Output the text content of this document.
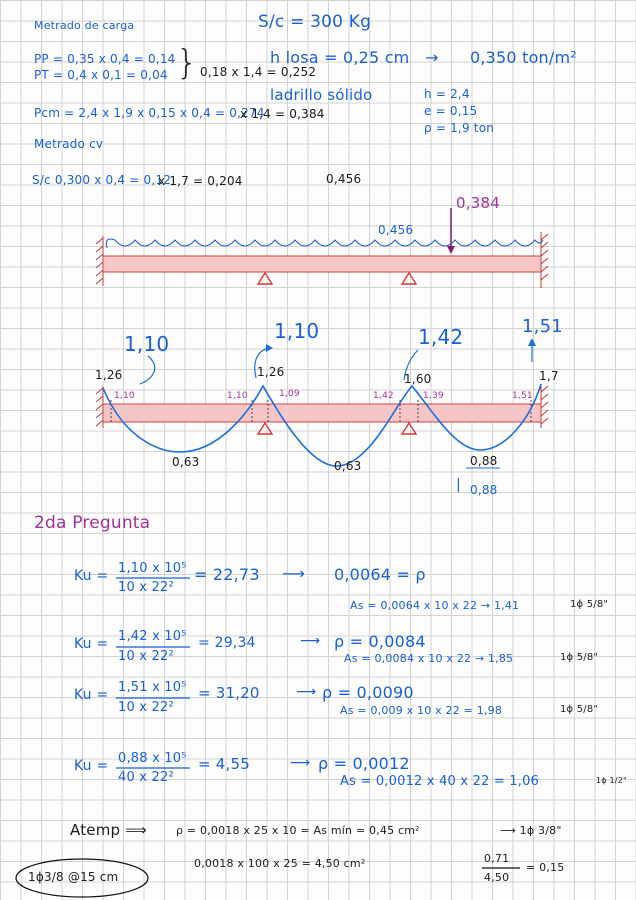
Metrado de carga	S/c = 300 Kg
PP = 0,35 x 0,4 = 0,14
PT = 0,4 x 0,1 = 0,04 } 0,18 x 1,4 = 0,252
h losa = 0,25 cm → 0,350 ton/m²
ladrillo sólido	h = 2,4
e = 0,15
ρ = 1,9 ton
Pcm = 2,4 x 1,9 x 0,15 x 0,4 = 0,274
x 1,4 = 0,384
Metrado cv
S/c 0,300 x 0,4 = 0,12
x 1,7 = 0,204	0,456
0,456
0,384
1,10
1,10	1,42	1,51
1,26	1,26	1,60	1,7
1,10	1,10	1,09	1,42	1,39	1,51
0,63	0,63	0,88
0,88
|
2da Pregunta
Ku = 1,10 x 10⁵
10 x 22²
= 22,73 ⟶ 0,0064 = ρ
As = 0,0064 x 10 x 22 → 1,41	1ϕ 5/8"
Ku = 1,42 x 10⁵
10 x 22²
= 29,34	⟶ ρ = 0,0084
As = 0,0084 x 10 x 22 → 1,85	1ϕ 5/8"
Ku = 1,51 x 10⁵
10 x 22²
= 31,20	⟶ ρ = 0,0090
As = 0,009 x 10 x 22 = 1,98	1ϕ 5/8"
Ku = 0,88 x 10⁵
40 x 22²
= 4,55	⟶ ρ = 0,0012
As = 0,0012 x 40 x 22 = 1,06	1ϕ 1/2"
Atemp ⟹	ρ = 0,0018 x 25 x 10 = As mín = 0,45 cm²	⟶ 1ϕ 3/8"
1ϕ3/8 @15 cm
0,0018 x 100 x 25 = 4,50 cm²	0,71
4,50
= 0,15
